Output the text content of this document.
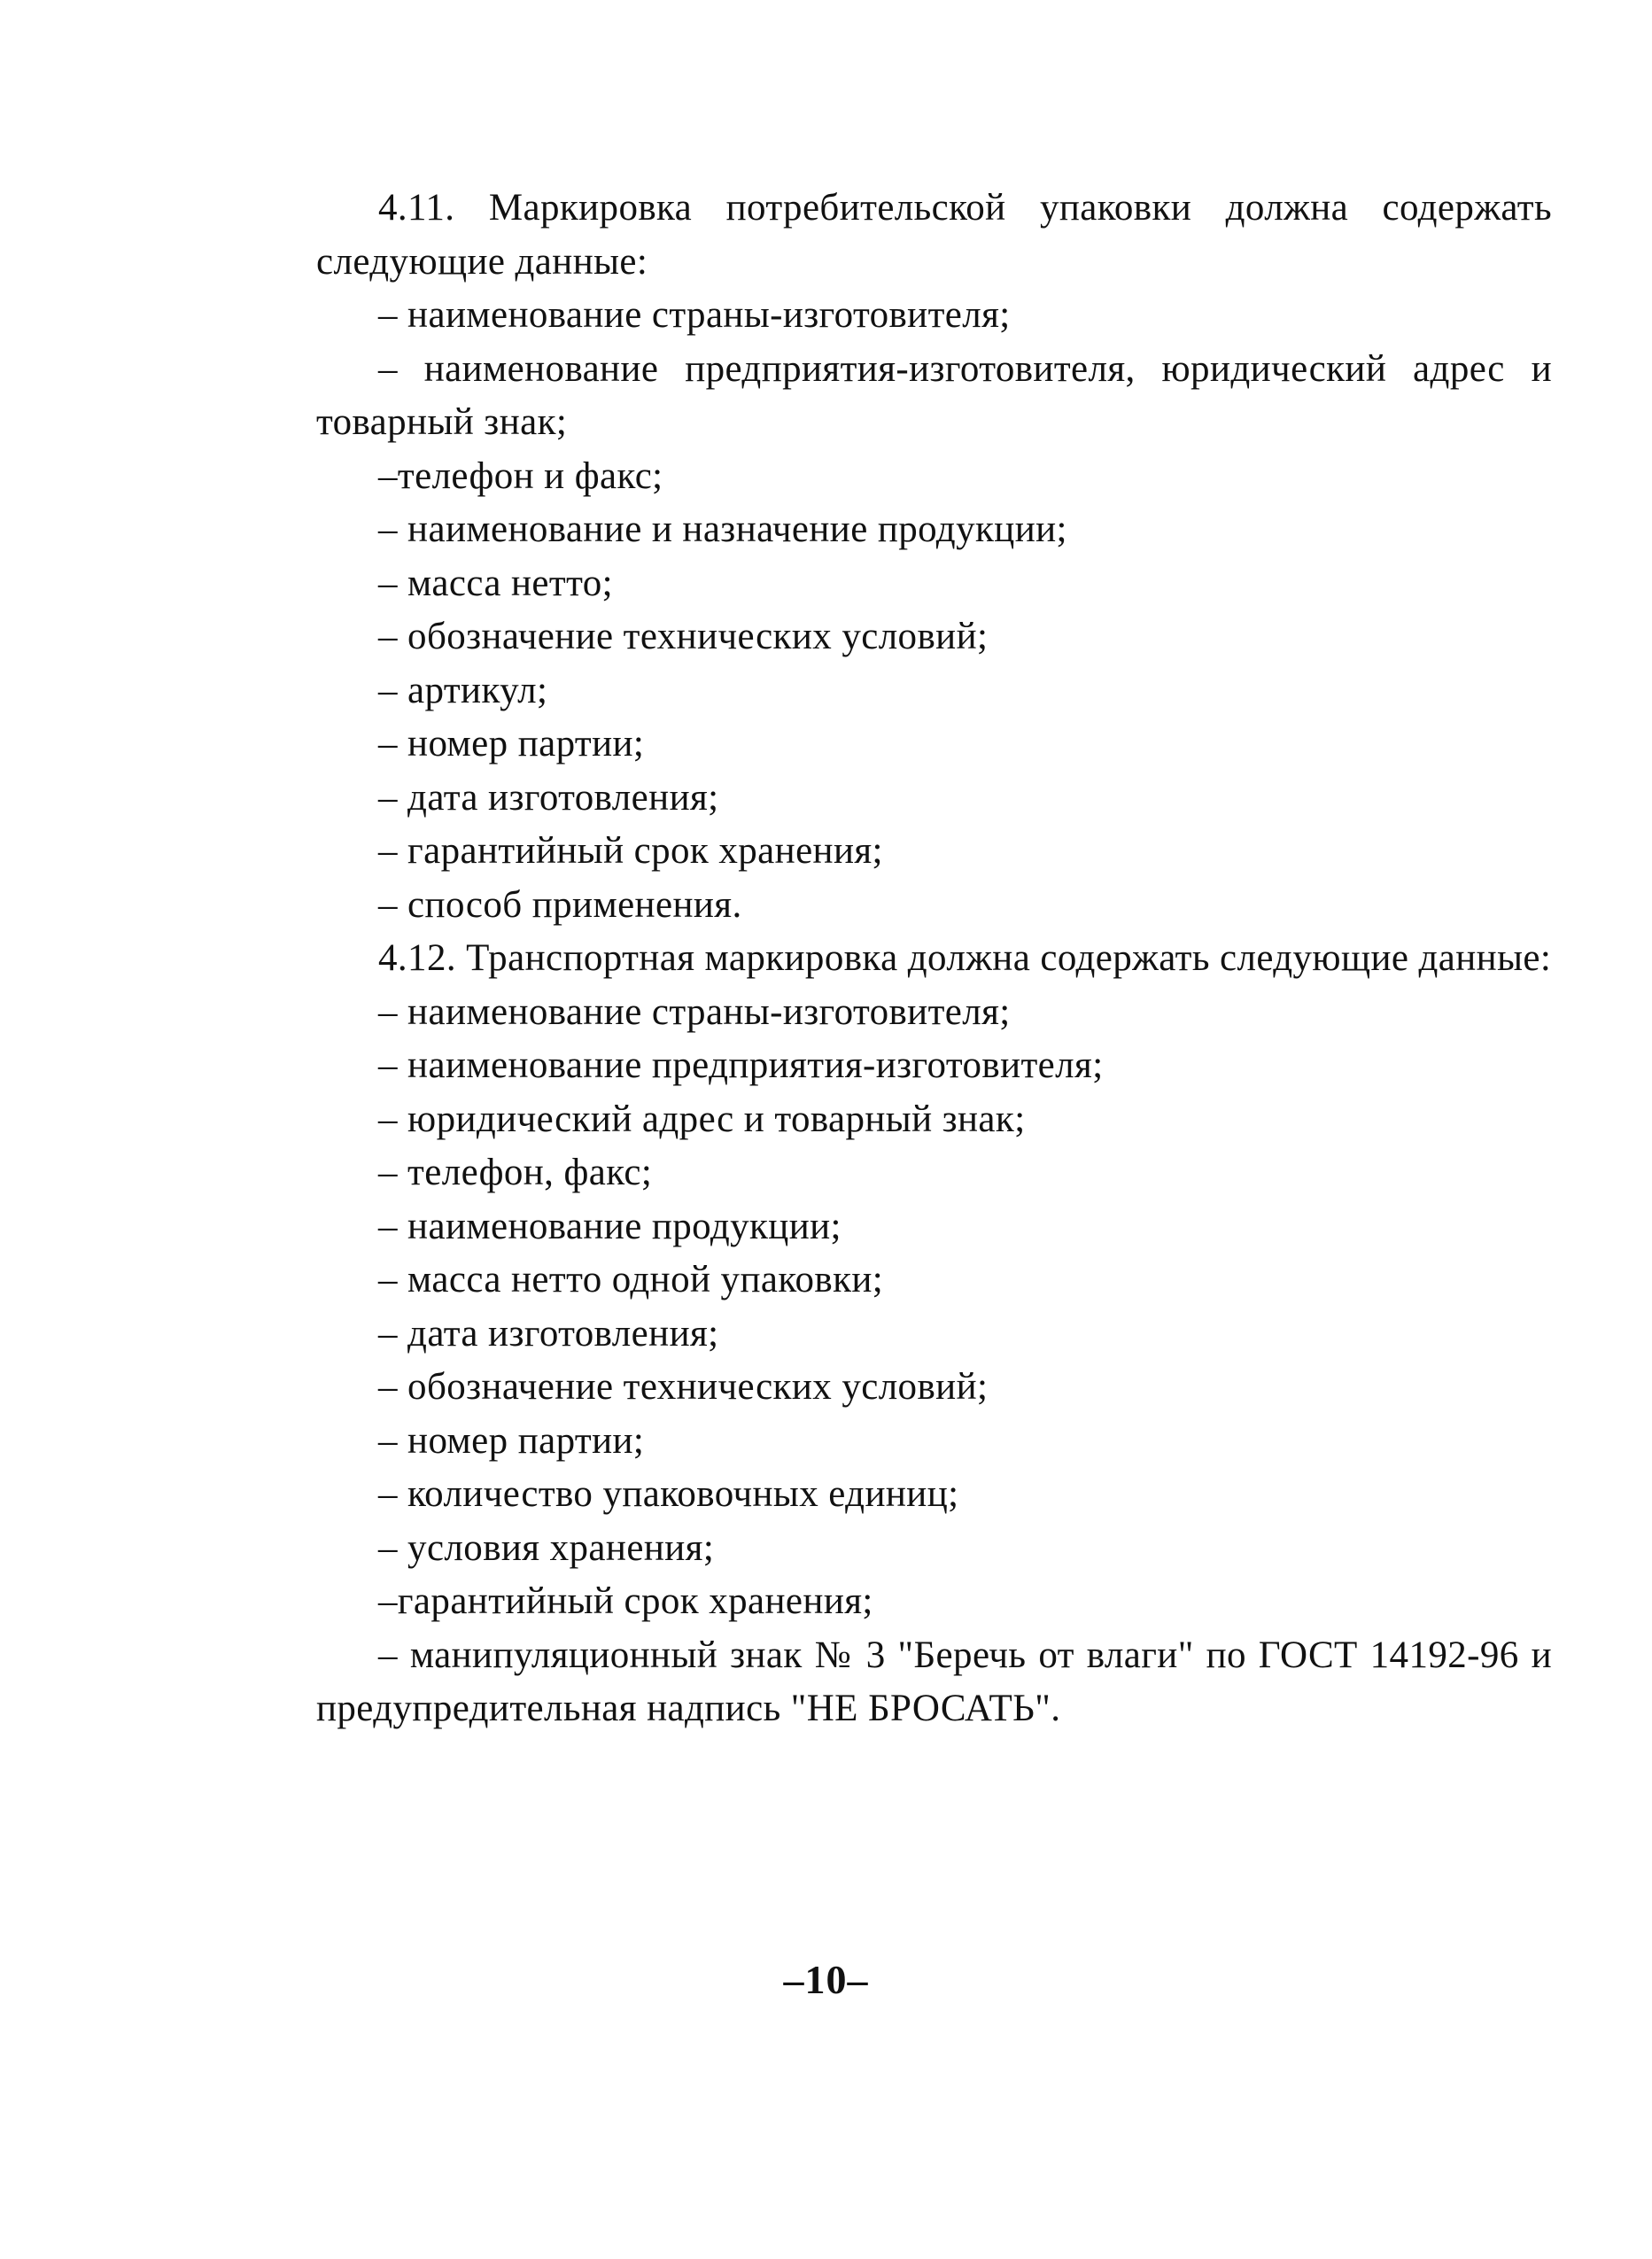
4.11. Маркировка потребительской упаковки должна содержать следующие данные:

– наименование страны-изготовителя;

– наименование предприятия-изготовителя, юридический адрес и товарный знак;

–телефон и факс;

– наименование и назначение продукции;

– масса нетто;

– обозначение технических условий;

– артикул;

– номер партии;

– дата изготовления;

– гарантийный срок хранения;

– способ применения.

4.12. Транспортная маркировка должна содержать следующие данные:

– наименование страны-изготовителя;

– наименование предприятия-изготовителя;

– юридический адрес и товарный знак;

– телефон, факс;

– наименование продукции;

– масса нетто одной упаковки;

– дата изготовления;

– обозначение технических условий;

– номер партии;

– количество упаковочных единиц;

– условия хранения;

–гарантийный срок хранения;

– манипуляционный знак № 3 "Беречь от влаги" по ГОСТ 14192-96 и предупредительная надпись "НЕ БРОСАТЬ".

–10–
